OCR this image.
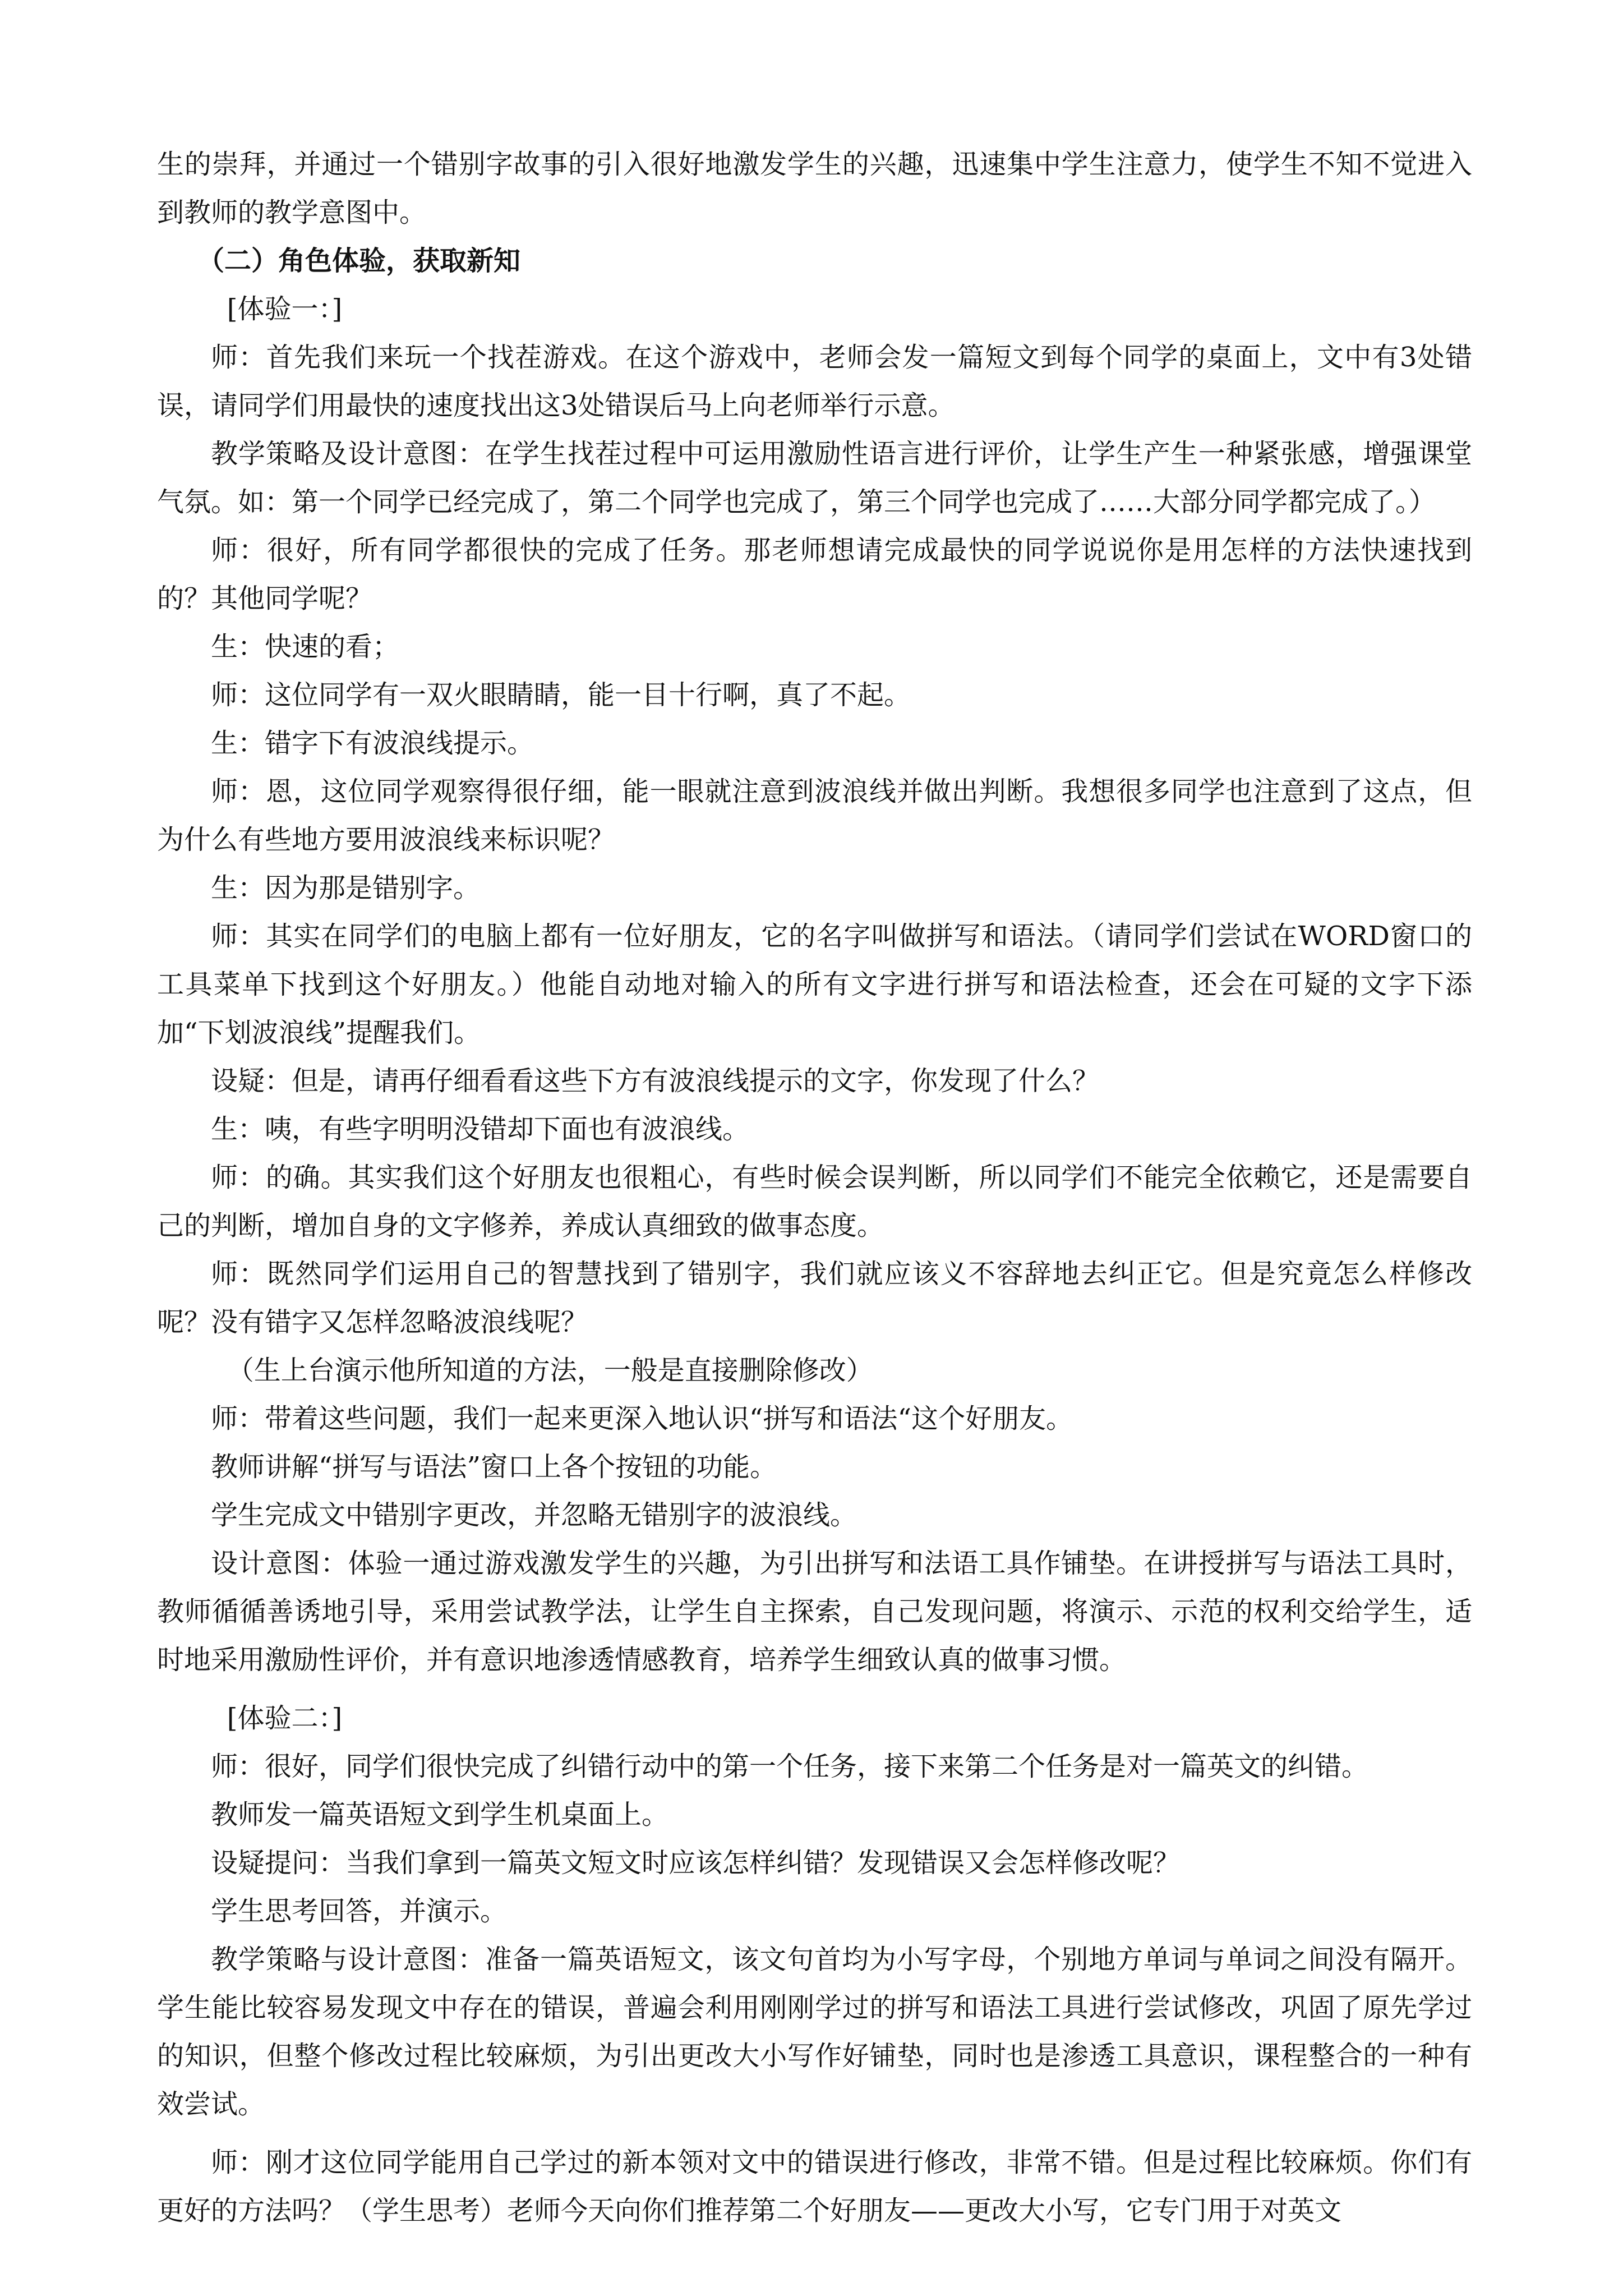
生的崇拜，并通过一个错别字故事的引入很好地激发学生的兴趣，迅速集中学生注意力，使学生不知不觉进入到教师的教学意图中。

（二）角色体验，获取新知

[体验一：]

师：首先我们来玩一个找茬游戏。在这个游戏中，老师会发一篇短文到每个同学的桌面上，文中有3处错误，请同学们用最快的速度找出这3处错误后马上向老师举行示意。

教学策略及设计意图：在学生找茬过程中可运用激励性语言进行评价，让学生产生一种紧张感，增强课堂气氛。如：第一个同学已经完成了，第二个同学也完成了，第三个同学也完成了……大部分同学都完成了。）

师：很好，所有同学都很快的完成了任务。那老师想请完成最快的同学说说你是用怎样的方法快速找到的？其他同学呢？

生：快速的看；

师：这位同学有一双火眼睛睛，能一目十行啊，真了不起。

生：错字下有波浪线提示。

师：恩，这位同学观察得很仔细，能一眼就注意到波浪线并做出判断。我想很多同学也注意到了这点，但为什么有些地方要用波浪线来标识呢？

生：因为那是错别字。

师：其实在同学们的电脑上都有一位好朋友，它的名字叫做拼写和语法。（请同学们尝试在WORD窗口的工具菜单下找到这个好朋友。）他能自动地对输入的所有文字进行拼写和语法检查，还会在可疑的文字下添加“下划波浪线”提醒我们。

设疑：但是，请再仔细看看这些下方有波浪线提示的文字，你发现了什么？

生：咦，有些字明明没错却下面也有波浪线。

师：的确。其实我们这个好朋友也很粗心，有些时候会误判断，所以同学们不能完全依赖它，还是需要自己的判断，增加自身的文字修养，养成认真细致的做事态度。

师：既然同学们运用自己的智慧找到了错别字，我们就应该义不容辞地去纠正它。但是究竟怎么样修改呢？没有错字又怎样忽略波浪线呢？

（生上台演示他所知道的方法，一般是直接删除修改）

师：带着这些问题，我们一起来更深入地认识“拼写和语法“这个好朋友。

教师讲解“拼写与语法”窗口上各个按钮的功能。

学生完成文中错别字更改，并忽略无错别字的波浪线。

设计意图：体验一通过游戏激发学生的兴趣，为引出拼写和法语工具作铺垫。在讲授拼写与语法工具时，教师循循善诱地引导，采用尝试教学法，让学生自主探索，自己发现问题，将演示、示范的权利交给学生，适时地采用激励性评价，并有意识地渗透情感教育，培养学生细致认真的做事习惯。

[体验二：]

师：很好，同学们很快完成了纠错行动中的第一个任务，接下来第二个任务是对一篇英文的纠错。

教师发一篇英语短文到学生机桌面上。

设疑提问：当我们拿到一篇英文短文时应该怎样纠错？发现错误又会怎样修改呢？

学生思考回答，并演示。

教学策略与设计意图：准备一篇英语短文，该文句首均为小写字母，个别地方单词与单词之间没有隔开。学生能比较容易发现文中存在的错误，普遍会利用刚刚学过的拼写和语法工具进行尝试修改，巩固了原先学过的知识，但整个修改过程比较麻烦，为引出更改大小写作好铺垫，同时也是渗透工具意识，课程整合的一种有效尝试。

师：刚才这位同学能用自己学过的新本领对文中的错误进行修改，非常不错。但是过程比较麻烦。你们有更好的方法吗？（学生思考）老师今天向你们推荐第二个好朋友——更改大小写，它专门用于对英文
